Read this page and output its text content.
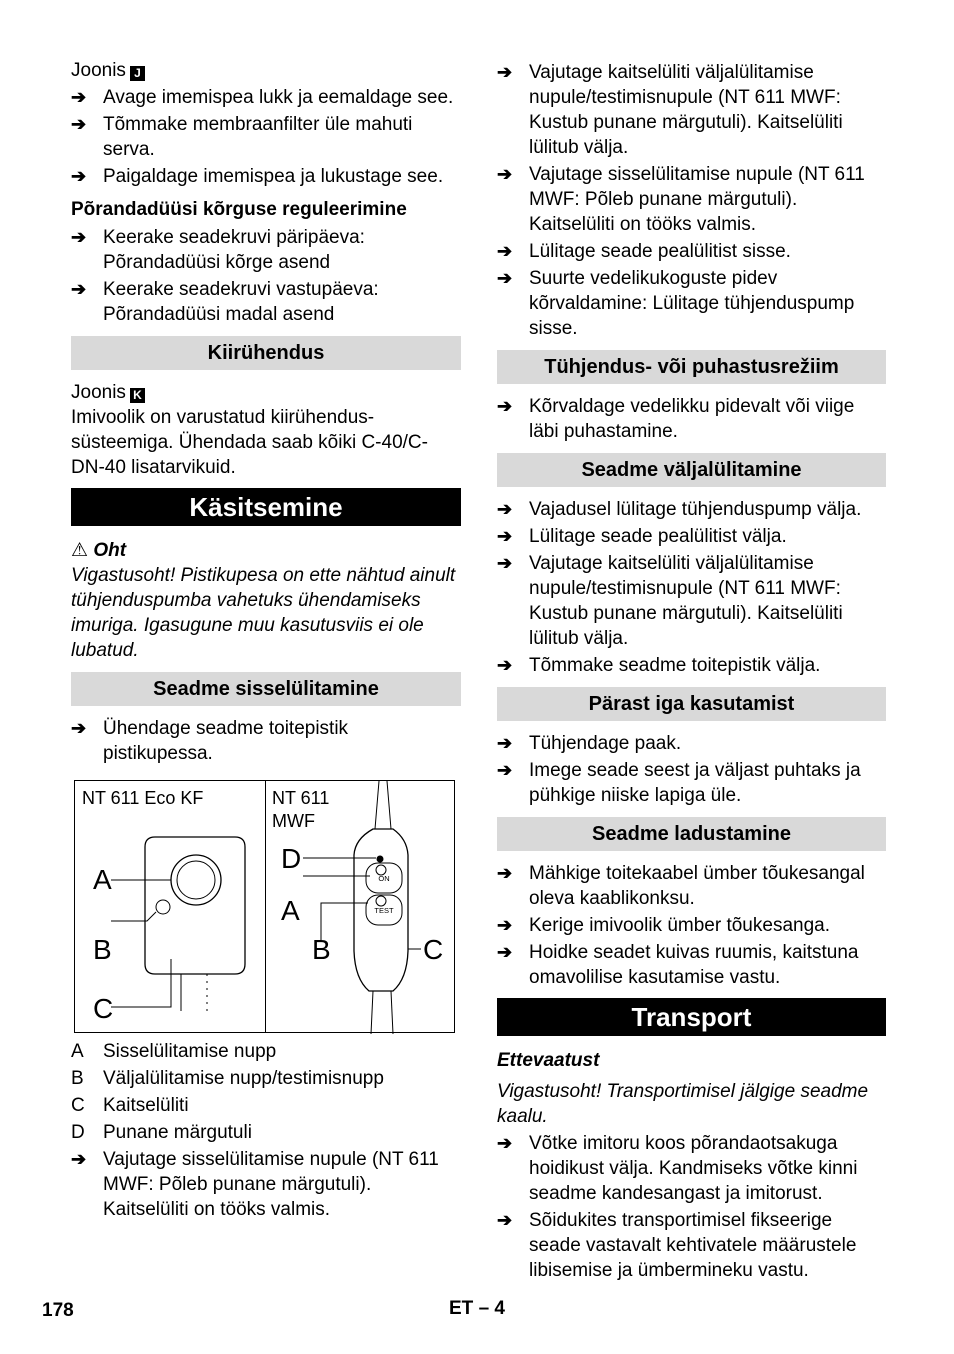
Joonis J

➔ Avage imemispea lukk ja eemaldage see.
➔ Tõmmake membraanfilter üle mahuti serva.
➔ Paigaldage imemispea ja lukustage see.

Põrandadüüsi kõrguse reguleerimine

➔ Keerake seadekruvi päripäeva: Põrandadüüsi kõrge asend
➔ Keerake seadekruvi vastupäeva: Põrandadüüsi madal asend
Kiirühendus

Joonis K

Imivoolik on varustatud kiirühendus-süsteemiga. Ühendada saab kõiki C-40/C-DN-40 lisatarvikuid.

Käsitsemine

⚠ Oht

Vigastusoht! Pistikupesa on ette nähtud ainult tühjenduspumba vahetuks ühendamiseks imuriga. Igasugune muu kasutusviis ei ole lubatud.

Seadme sisselülitamine
➔ Ühendage seadme toitepistik pistikupessa.
NT 611 Eco KF	NT 611
MWF
ON
TEST
A
B
C
D
A
B	C
A	Sisselülitamise nupp
B	Väljalülitamise nupp/testimisnupp
C Kaitselüliti
D Punane märgutuli
➔ Vajutage sisselülitamise nupule (NT 611 MWF: Põleb punane märgutuli). Kaitselüliti on tööks valmis.
➔ Vajutage kaitselüliti väljalülitamise nupule/testimisnupule (NT 611 MWF: Kustub punane märgutuli). Kaitselüliti lülitub välja.
➔ Vajutage sisselülitamise nupule (NT 611 MWF: Põleb punane märgutuli). Kaitselüliti on tööks valmis.
➔ Lülitage seade pealülitist sisse.
➔ Suurte vedelikukoguste pidev kõrvaldamine: Lülitage tühjenduspump sisse.
Tühjendus- või puhastusrežiim
➔ Kõrvaldage vedelikku pidevalt või viige läbi puhastamine.
Seadme väljalülitamine
➔ Vajadusel lülitage tühjenduspump välja.
➔ Lülitage seade pealülitist välja.
➔ Vajutage kaitselüliti väljalülitamise nupule/testimisnupule (NT 611 MWF: Kustub punane märgutuli). Kaitselüliti lülitub välja.
➔ Tõmmake seadme toitepistik välja.
Pärast iga kasutamist
➔ Tühjendage paak.
➔ Imege seade seest ja väljast puhtaks ja pühkige niiske lapiga üle.
Seadme ladustamine
➔ Mähkige toitekaabel ümber tõukesangal oleva kaablikonksu.
➔ Kerige imivoolik ümber tõukesanga.
➔ Hoidke seadet kuivas ruumis, kaitstuna omavolilise kasutamise vastu.
Transport

Ettevaatust

Vigastusoht! Transportimisel jälgige seadme kaalu.

➔ Võtke imitoru koos põrandaotsakuga hoidikust välja. Kandmiseks võtke kinni seadme kandesangast ja imitorust.
➔ Sõidukites transportimisel fikseerige seade vastavalt kehtivatele määrustele libisemise ja ümbermineku vastu.
178	ET – 4
